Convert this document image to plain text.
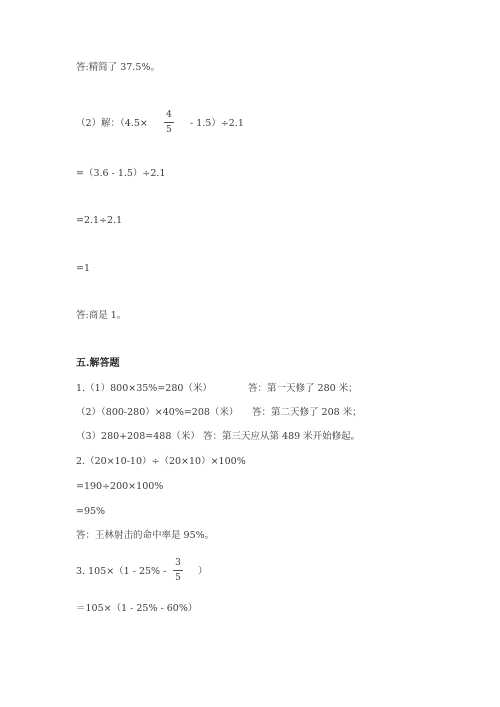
答:精简了 37.5%。
（2）解：（4.5×
4
5
- 1.5）÷2.1
=（3.6 - 1.5）÷2.1
=2.1÷2.1
=1
答:商是 1。
五.解答题
1.（1）800×35%=280（米）	答：第一天修了 280 米；
（2）（800-280）×40%=208（米） 答：第二天修了 208 米；
（3）280+208=488（米） 答：第三天应从第 489 米开始修起。
2.（20×10-10）÷（20×10）×100%
=190÷200×100%
=95%
答：王林射击的命中率是 95%。
3. 105×（1 - 25% -
3
5
）
＝105×（1 - 25% - 60%）
